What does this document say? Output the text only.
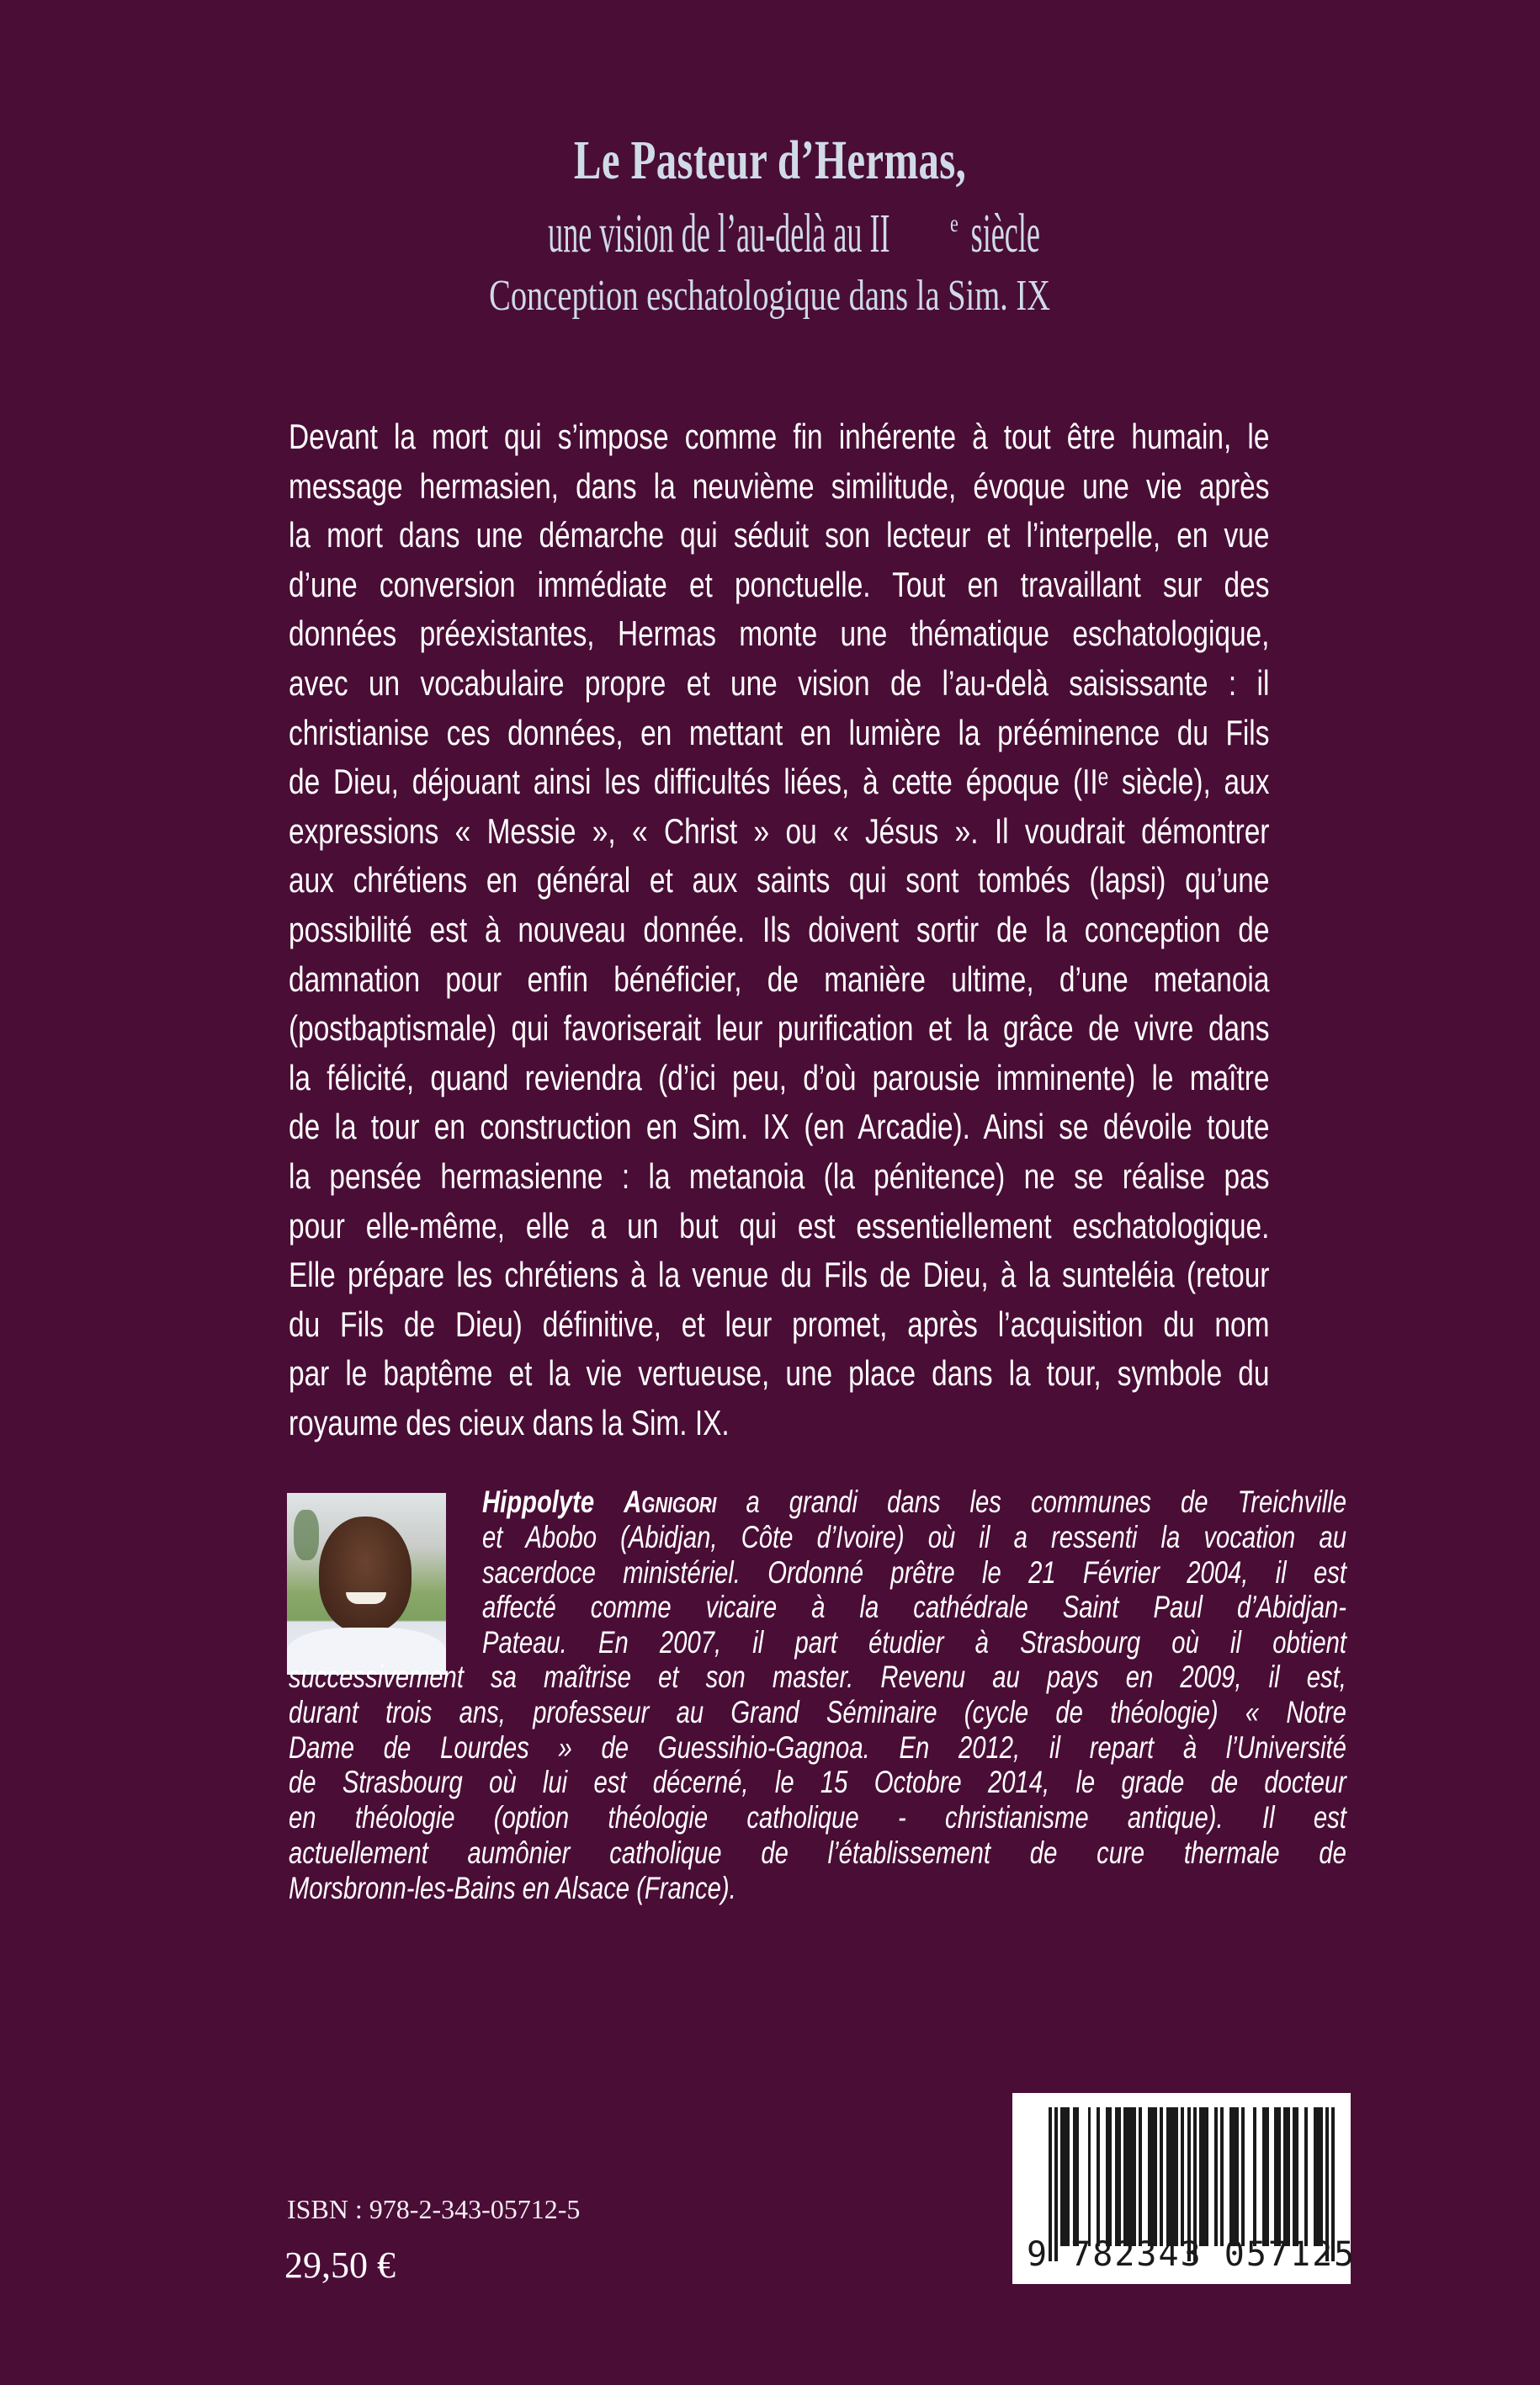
Le Pasteur d’Hermas,
une vision de l’au-delà au II $^e$siècle
Conception eschatologique dans la Sim. IX
Devant la mort qui s’impose comme fin inhérente à tout être humain, le
message hermasien, dans la neuvième similitude, évoque une vie après
la mort dans une démarche qui séduit son lecteur et l’interpelle, en vue
d’une conversion immédiate et ponctuelle. Tout en travaillant sur des
données préexistantes, Hermas monte une thématique eschatologique,
avec un vocabulaire propre et une vision de l’au-delà saisissante : il
christianise ces données, en mettant en lumière la prééminence du Fils
de Dieu, déjouant ainsi les difficultés liées, à cette époque (IIᵉ siècle), aux
expressions « Messie », « Christ » ou « Jésus ». Il voudrait démontrer
aux chrétiens en général et aux saints qui sont tombés (lapsi) qu’une
possibilité est à nouveau donnée. Ils doivent sortir de la conception de
damnation pour enfin bénéficier, de manière ultime, d’une metanoia
(postbaptismale) qui favoriserait leur purification et la grâce de vivre dans
la félicité, quand reviendra (d’ici peu, d’où parousie imminente) le maître
de la tour en construction en Sim. IX (en Arcadie). Ainsi se dévoile toute
la pensée hermasienne : la metanoia (la pénitence) ne se réalise pas
pour elle-même, elle a un but qui est essentiellement eschatologique.
Elle prépare les chrétiens à la venue du Fils de Dieu, à la sunteléia (retour
du Fils de Dieu) définitive, et leur promet, après l’acquisition du nom
par le baptême et la vie vertueuse, une place dans la tour, symbole du
royaume des cieux dans la Sim. IX.
Hippolyte Agnigori a grandi dans les communes de Treichville
et Abobo (Abidjan, Côte d’Ivoire) où il a ressenti la vocation au
sacerdoce ministériel. Ordonné prêtre le 21 Février 2004, il est
affecté comme vicaire à la cathédrale Saint Paul d’Abidjan-
Pateau. En 2007, il part étudier à Strasbourg où il obtient
successivement sa maîtrise et son master. Revenu au pays en 2009, il est,
durant trois ans, professeur au Grand Séminaire (cycle de théologie) « Notre
Dame de Lourdes » de Guessihio-Gagnoa. En 2012, il repart à l’Université
de Strasbourg où lui est décerné, le 15 Octobre 2014, le grade de docteur
en théologie (option théologie catholique - christianisme antique). Il est
actuellement aumônier catholique de l’établissement de cure thermale de
Morsbronn-les-Bains en Alsace (France).
ISBN : 978-2-343-05712-5
29,50 €	9 782343 057125
